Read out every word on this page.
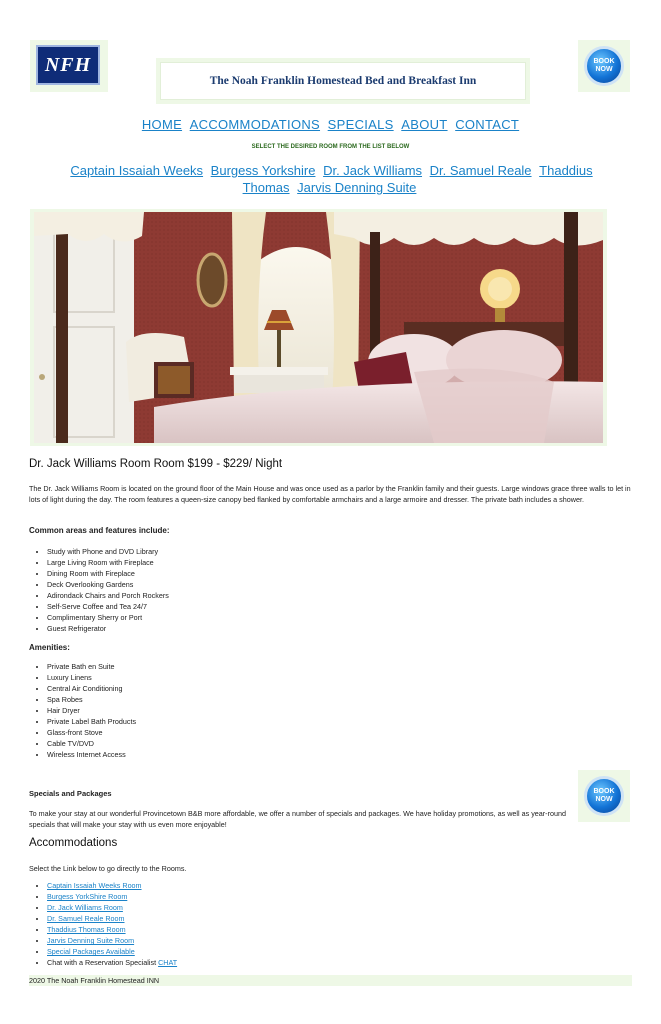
NFH
The Noah Franklin Homestead Bed and Breakfast Inn
BOOK NOW
HOME ACCOMMODATIONS SPECIALS ABOUT CONTACT
SELECT THE DESIRED ROOM FROM THE LIST BELOW
Captain Issaiah Weeks Burgess Yorkshire Dr. Jack Williams Dr. Samuel Reale Thaddius Thomas Jarvis Denning Suite
Dr. Jack Williams Room Room $199 - $229/ Night
The Dr. Jack Williams Room is located on the ground floor of the Main House and was once used as a parlor by the Franklin family and their guests. Large windows grace three walls to let in lots of light during the day. The room features a queen-size canopy bed flanked by comfortable armchairs and a large armoire and dresser. The private bath includes a shower.
Common areas and features include:
• Study with Phone and DVD Library
• Large Living Room with Fireplace
• Dining Room with Fireplace
• Deck Overlooking Gardens
• Adirondack Chairs and Porch Rockers
• Self-Serve Coffee and Tea 24/7
• Complimentary Sherry or Port
• Guest Refrigerator
Amenities:
• Private Bath en Suite
• Luxury Linens
• Central Air Conditioning
• Spa Robes
• Hair Dryer
• Private Label Bath Products
• Glass-front Stove
• Cable TV/DVD
• Wireless Internet Access
Specials and Packages
To make your stay at our wonderful Provincetown B&B more affordable, we offer a number of specials and packages. We have holiday promotions, as well as year-round specials that will make your stay with us even more enjoyable!
BOOK NOW
Accommodations
Select the Link below to go directly to the Rooms.
• Captain Issaiah Weeks Room
• Burgess YorkShire Room
• Dr. Jack Williams Room
• Dr. Samuel Reale Room
• Thaddius Thomas Room
• Jarvis Denning Suite Room
• Special Packages Available
• Chat with a Reservation Specialist CHAT
2020 The Noah Franklin Homestead INN
